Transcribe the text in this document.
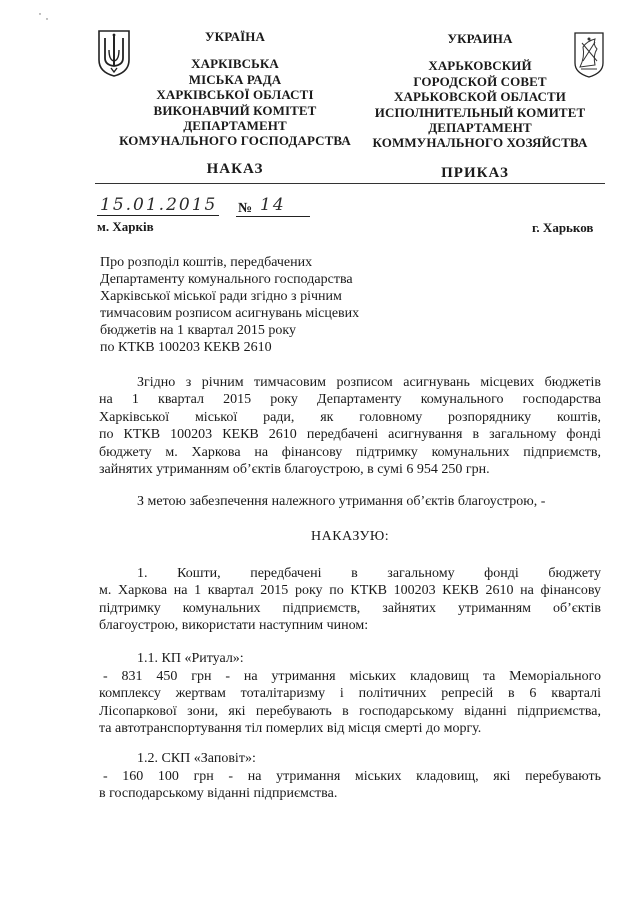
УКРАЇНА
ХАРКІВСЬКА
МІСЬКА РАДА
ХАРКІВСЬКОЇ ОБЛАСТІ
ВИКОНАВЧИЙ КОМІТЕТ
ДЕПАРТАМЕНТ
КОМУНАЛЬНОГО ГОСПОДАРСТВА
УКРАИНА
ХАРЬКОВСКИЙ
ГОРОДСКОЙ СОВЕТ
ХАРЬКОВСКОЙ ОБЛАСТИ
ИСПОЛНИТЕЛЬНЫЙ КОМИТЕТ
ДЕПАРТАМЕНТ
КОММУНАЛЬНОГО ХОЗЯЙСТВА
НАКАЗ	ПРИКАЗ
15.01.2015 № 14
м. Харків	г. Харьков
Про розподіл коштів, передбачених
Департаменту комунального господарства
Харківської міської ради згідно з річним
тимчасовим розписом асигнувань місцевих
бюджетів на 1 квартал 2015 року
по КТКВ 100203 КЕКВ 2610
Згідно з річним тимчасовим розписом асигнувань місцевих бюджетів
на 1 квартал 2015 року Департаменту комунального господарства
Харківської міської ради, як головному розпоряднику коштів,
по КТКВ 100203 КЕКВ 2610 передбачені асигнування в загальному фонді
бюджету м. Харкова на фінансову підтримку комунальних підприємств,
зайнятих утриманням об’єктів благоустрою, в сумі 6 954 250 грн.
З метою забезпечення належного утримання об’єктів благоустрою, -
НАКАЗУЮ:
1. Кошти, передбачені в загальному фонді бюджету
м. Харкова на 1 квартал 2015 року по КТКВ 100203 КЕКВ 2610 на фінансову
підтримку комунальних підприємств, зайнятих утриманням об’єктів
благоустрою, використати наступним чином:
1.1. КП «Ритуал»:
- 831 450 грн - на утримання міських кладовищ та Меморіального
комплексу жертвам тоталітаризму і політичних репресій в 6 кварталі
Лісопаркової зони, які перебувають в господарському віданні підприємства,
та автотранспортування тіл померлих від місця смерті до моргу.
1.2. СКП «Заповіт»:
- 160 100 грн - на утримання міських кладовищ, які перебувають
в господарському віданні підприємства.
